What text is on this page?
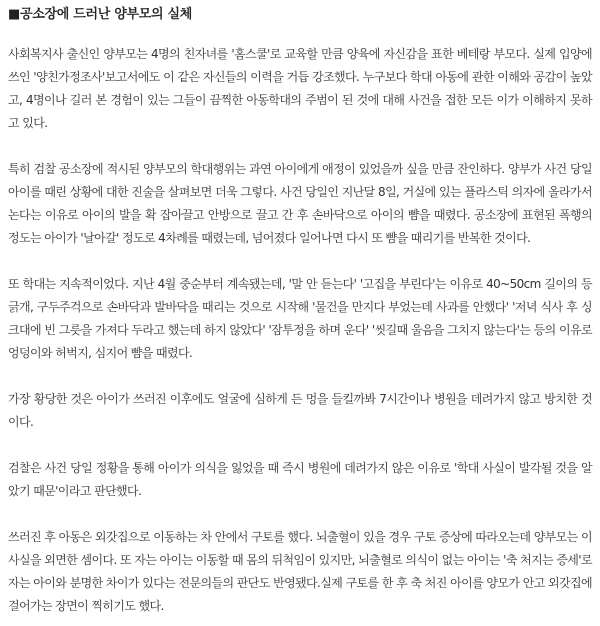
■공소장에 드러난 양부모의 실체

사회복지사 출신인 양부모는 4명의 친자녀를 '홈스쿨'로 교육할 만큼 양육에 자신감을 표한 베테랑 부모다. 실제 입양에 쓰인 '양친가정조사'보고서에도 이 같은 자신들의 이력을 거듭 강조했다. 누구보다 학대 아동에 관한 이해와 공감이 높았고, 4명이나 길러 본 경험이 있는 그들이 끔찍한 아동학대의 주범이 된 것에 대해 사건을 접한 모든 이가 이해하지 못하고 있다.

특히 검찰 공소장에 적시된 양부모의 학대행위는 과연 아이에게 애정이 있었을까 싶을 만큼 잔인하다. 양부가 사건 당일 아이를 때린 상황에 대한 진술을 살펴보면 더욱 그렇다. 사건 당일인 지난달 8일, 거실에 있는 플라스틱 의자에 올라가서 논다는 이유로 아이의 발을 확 잡아끌고 안방으로 끌고 간 후 손바닥으로 아이의 뺨을 때렸다. 공소장에 표현된 폭행의 정도는 아이가 '날아갈' 정도로 4차례를 때렸는데, 넘어졌다 일어나면 다시 또 뺨을 때리기를 반복한 것이다.

또 학대는 지속적이었다. 지난 4월 중순부터 계속됐는데, '말 안 듣는다' '고집을 부린다'는 이유로 40~50cm 길이의 등긁개, 구두주걱으로 손바닥과 발바닥을 때리는 것으로 시작해 '물건을 만지다 부었는데 사과를 안했다' '저녁 식사 후 싱크대에 빈 그릇을 가져다 두라고 했는데 하지 않았다' '잠투정을 하며 운다' '씻길때 울음을 그치지 않는다'는 등의 이유로 엉덩이와 허벅지, 심지어 뺨을 때렸다.

가장 황당한 것은 아이가 쓰러진 이후에도 얼굴에 심하게 든 멍을 들킬까봐 7시간이나 병원을 데려가지 않고 방치한 것이다.

검찰은 사건 당일 정황을 통해 아이가 의식을 잃었을 때 즉시 병원에 데려가지 않은 이유로 '학대 사실이 발각될 것을 알았기 때문'이라고 판단했다.

쓰러진 후 아동은 외갓집으로 이동하는 차 안에서 구토를 했다. 뇌출혈이 있을 경우 구토 증상에 따라오는데 양부모는 이 사실을 외면한 셈이다. 또 자는 아이는 이동할 때 몸의 뒤척임이 있지만, 뇌출혈로 의식이 없는 아이는 '축 처지는 증세'로 자는 아이와 분명한 차이가 있다는 전문의들의 판단도 반영됐다.실제 구토를 한 후 축 처진 아이를 양모가 안고 외갓집에 걸어가는 장면이 찍히기도 했다.
